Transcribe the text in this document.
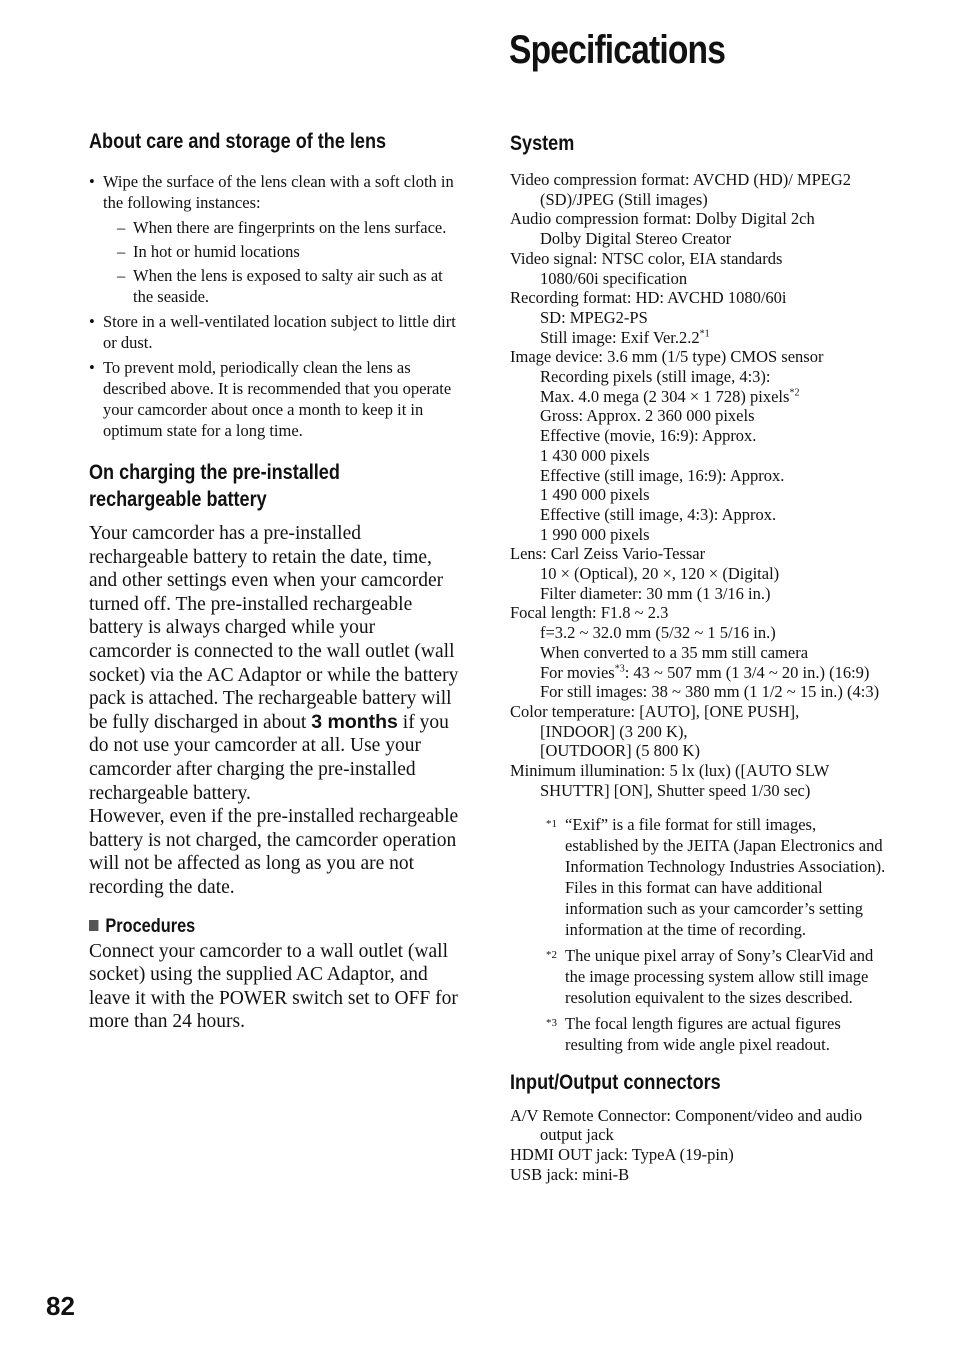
Specifications
About care and storage of the lens
• Wipe the surface of the lens clean with a soft cloth in the following instances:
– When there are fingerprints on the lens surface.
– In hot or humid locations
– When the lens is exposed to salty air such as at the seaside.
• Store in a well-ventilated location subject to little dirt or dust.
• To prevent mold, periodically clean the lens as described above. It is recommended that you operate your camcorder about once a month to keep it in optimum state for a long time.
On charging the pre-installed
rechargeable battery
Your camcorder has a pre-installed rechargeable battery to retain the date, time, and other settings even when your camcorder turned off. The pre-installed rechargeable battery is always charged while your camcorder is connected to the wall outlet (wall socket) via the AC Adaptor or while the battery pack is attached. The rechargeable battery will be fully discharged in about 3 months if you do not use your camcorder at all. Use your camcorder after charging the pre-installed rechargeable battery.
However, even if the pre-installed rechargeable battery is not charged, the camcorder operation will not be affected as long as you are not recording the date.
Procedures
Connect your camcorder to a wall outlet (wall socket) using the supplied AC Adaptor, and leave it with the POWER switch set to OFF for more than 24 hours.
System
Video compression format: AVCHD (HD)/ MPEG2 (SD)/JPEG (Still images)
Audio compression format: Dolby Digital 2ch
Dolby Digital Stereo Creator
Video signal: NTSC color, EIA standards
1080/60i specification
Recording format: HD: AVCHD 1080/60i
SD: MPEG2-PS
Still image: Exif Ver.2.2$^{*1}$
Image device: 3.6 mm (1/5 type) CMOS sensor
Recording pixels (still image, 4:3):
Max. 4.0 mega (2 304 × 1 728) pixels$^{*2}$
Gross: Approx. 2 360 000 pixels
Effective (movie, 16:9): Approx.
1 430 000 pixels
Effective (still image, 16:9): Approx.
1 490 000 pixels
Effective (still image, 4:3): Approx.
1 990 000 pixels
Lens: Carl Zeiss Vario-Tessar
10 × (Optical), 20 ×, 120 × (Digital)
Filter diameter: 30 mm (1 3/16 in.)
Focal length: F1.8 ~ 2.3
f=3.2 ~ 32.0 mm (5/32 ~ 1 5/16 in.)
When converted to a 35 mm still camera
For movies$^{*3}$: 43 ~ 507 mm (1 3/4 ~ 20 in.) (16:9)
For still images: 38 ~ 380 mm (1 1/2 ~ 15 in.) (4:3)
Color temperature: [AUTO], [ONE PUSH],
[INDOOR] (3 200 K),
[OUTDOOR] (5 800 K)
Minimum illumination: 5 lx (lux) ([AUTO SLW SHUTTR] [ON], Shutter speed 1/30 sec)
*1 “Exif” is a file format for still images, established by the JEITA (Japan Electronics and Information Technology Industries Association). Files in this format can have additional information such as your camcorder’s setting information at the time of recording.
*2 The unique pixel array of Sony’s ClearVid and the image processing system allow still image resolution equivalent to the sizes described.
*3 The focal length figures are actual figures resulting from wide angle pixel readout.
Input/Output connectors
A/V Remote Connector: Component/video and audio output jack
HDMI OUT jack: TypeA (19-pin)
USB jack: mini-B
82
